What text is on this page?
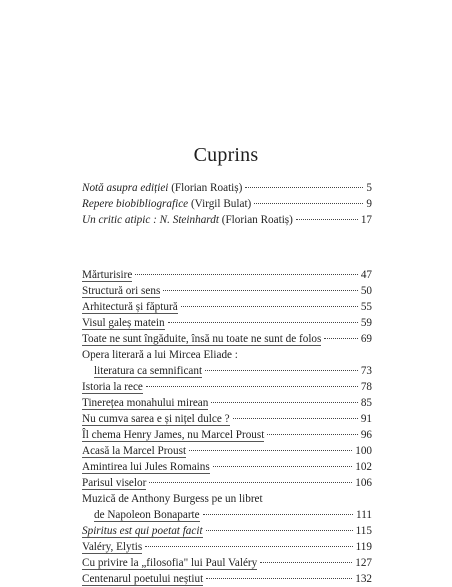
Cuprins
Notă asupra ediției (Florian Roatiș)	5
Repere biobibliografice (Virgil Bulat)	9
Un critic atipic : N. Steinhardt (Florian Roatiș)	17
Mărturisire	47
Structură ori sens	50
Arhitectură și făptură	55
Visul galeș matein	59
Toate ne sunt îngăduite, însă nu toate ne sunt de folos	69
Opera literară a lui Mircea Eliade :
literatura ca semnificant	73
Istoria la rece	78
Tinerețea monahului mirean	85
Nu cumva sarea e și nițel dulce ?	91
Îl chema Henry James, nu Marcel Proust	96
Acasă la Marcel Proust	100
Amintirea lui Jules Romains	102
Parisul viselor	106
Muzică de Anthony Burgess pe un libret
de Napoleon Bonaparte	111
Spiritus est qui poetat facit	115
Valéry, Elytis	119
Cu privire la „filosofia" lui Paul Valéry	127
Centenarul poetului neștiut	132
